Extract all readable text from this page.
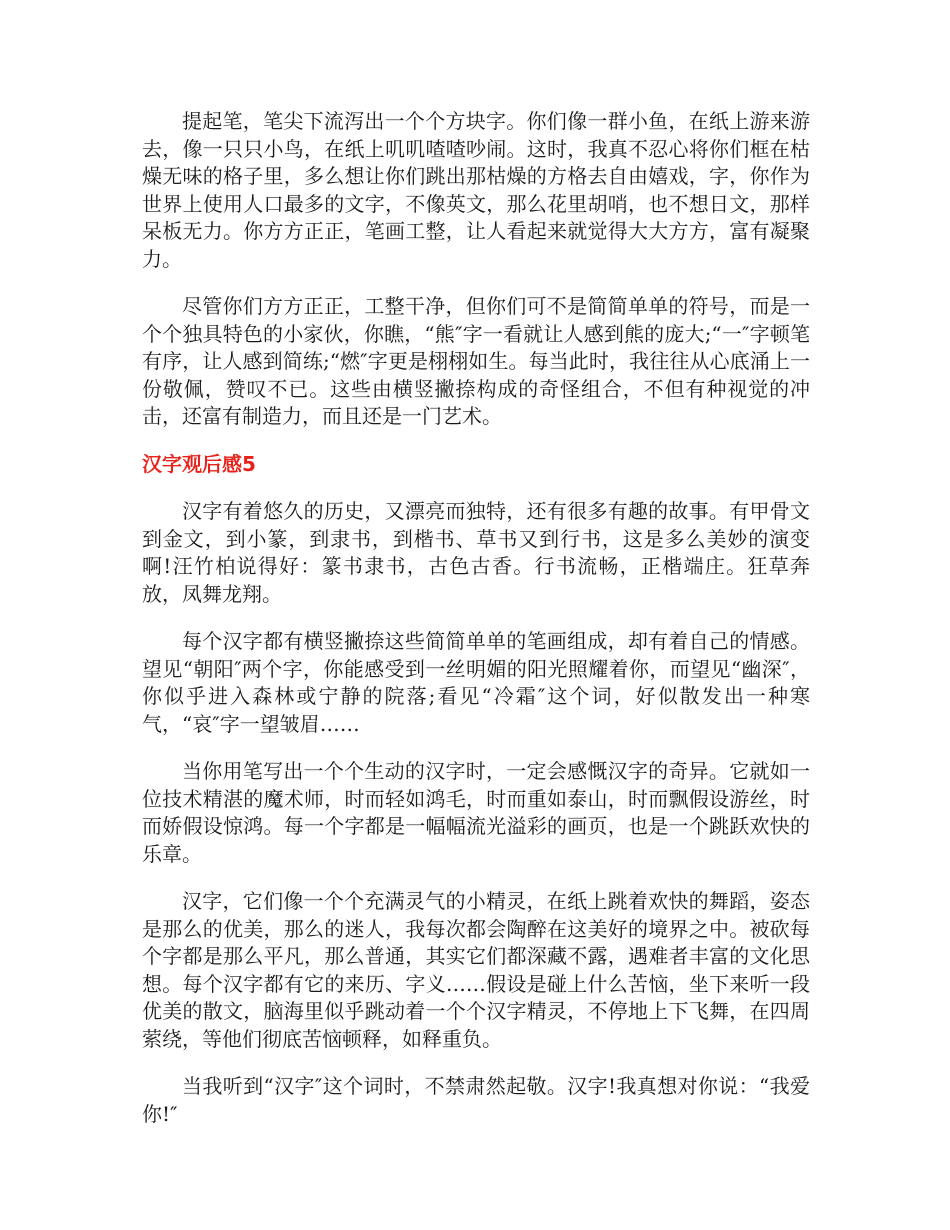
提起笔，笔尖下流泻出一个个方块字。你们像一群小鱼，在纸上游来游去，像一只只小鸟，在纸上叽叽喳喳吵闹。这时，我真不忍心将你们框在枯燥无味的格子里，多么想让你们跳出那枯燥的方格去自由嬉戏，字，你作为世界上使用人口最多的文字，不像英文，那么花里胡哨，也不想日文，那样呆板无力。你方方正正，笔画工整，让人看起来就觉得大大方方，富有凝聚力。

尽管你们方方正正，工整干净，但你们可不是简简单单的符号，而是一个个独具特色的小家伙，你瞧，“熊″字一看就让人感到熊的庞大;“一″字顿笔有序，让人感到简练;“燃″字更是栩栩如生。每当此时，我往往从心底涌上一份敬佩，赞叹不已。这些由横竖撇捺构成的奇怪组合，不但有种视觉的冲击，还富有制造力，而且还是一门艺术。

汉字观后感5

汉字有着悠久的历史，又漂亮而独特，还有很多有趣的故事。有甲骨文到金文，到小篆，到隶书，到楷书、草书又到行书，这是多么美妙的演变啊!汪竹柏说得好：篆书隶书，古色古香。行书流畅，正楷端庄。狂草奔放，凤舞龙翔。

每个汉字都有横竖撇捺这些简简单单的笔画组成，却有着自己的情感。望见“朝阳″两个字，你能感受到一丝明媚的阳光照耀着你，而望见“幽深″，你似乎进入森林或宁静的院落;看见“冷霜″这个词，好似散发出一种寒气，“哀″字一望皱眉……

当你用笔写出一个个生动的汉字时，一定会感慨汉字的奇异。它就如一位技术精湛的魔术师，时而轻如鸿毛，时而重如泰山，时而飘假设游丝，时而娇假设惊鸿。每一个字都是一幅幅流光溢彩的画页，也是一个跳跃欢快的乐章。

汉字，它们像一个个充满灵气的小精灵，在纸上跳着欢快的舞蹈，姿态是那么的优美，那么的迷人，我每次都会陶醉在这美好的境界之中。被砍每个字都是那么平凡，那么普通，其实它们都深藏不露，遇难者丰富的文化思想。每个汉字都有它的来历、字义……假设是碰上什么苦恼，坐下来听一段优美的散文，脑海里似乎跳动着一个个汉字精灵，不停地上下飞舞，在四周萦绕，等他们彻底苦恼顿释，如释重负。

当我听到“汉字″这个词时，不禁肃然起敬。汉字!我真想对你说：“我爱你!″
